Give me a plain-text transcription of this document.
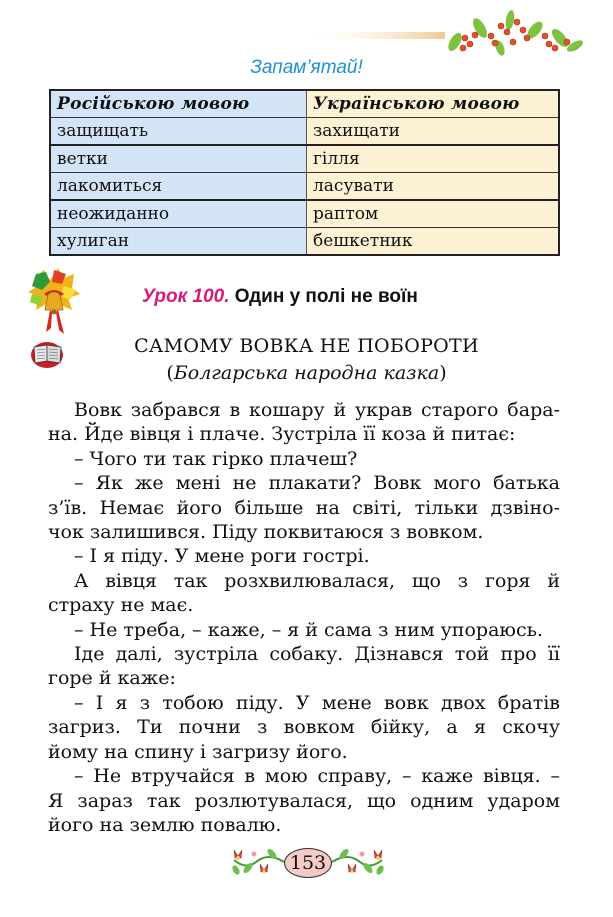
Запам’ятай!
Російською мовою	Українською мовою
защищать	захищати
ветки	гілля
лакомиться	ласувати
неожиданно	раптом
хулиган	бешкетник
Урок 100. Один у полі не воїн
САМОМУ ВОВКА НЕ ПОБОРОТИ
(Болгарська народна казка)
Вовк забрався в кошару й украв старого бара-
на. Йде вівця і плаче. Зустріла її коза й питає:
– Чого ти так гірко плачеш?
– Як же мені не плакати? Вовк мого батька
з’їв. Немає його більше на світі, тільки дзвіно-
чок залишився. Піду поквитаюся з вовком.
– І я піду. У мене роги гострі.
А вівця так розхвилювалася, що з горя й
страху не має.
– Не треба, – каже, – я й сама з ним упораюсь.
Іде далі, зустріла собаку. Дізнався той про її
горе й каже:
– І я з тобою піду. У мене вовк двох братів
загриз. Ти почни з вовком бійку, а я скочу
йому на спину і загризу його.
– Не втручайся в мою справу, – каже вівця. –
Я зараз так розлютувалася, що одним ударом
його на землю повалю.
153
